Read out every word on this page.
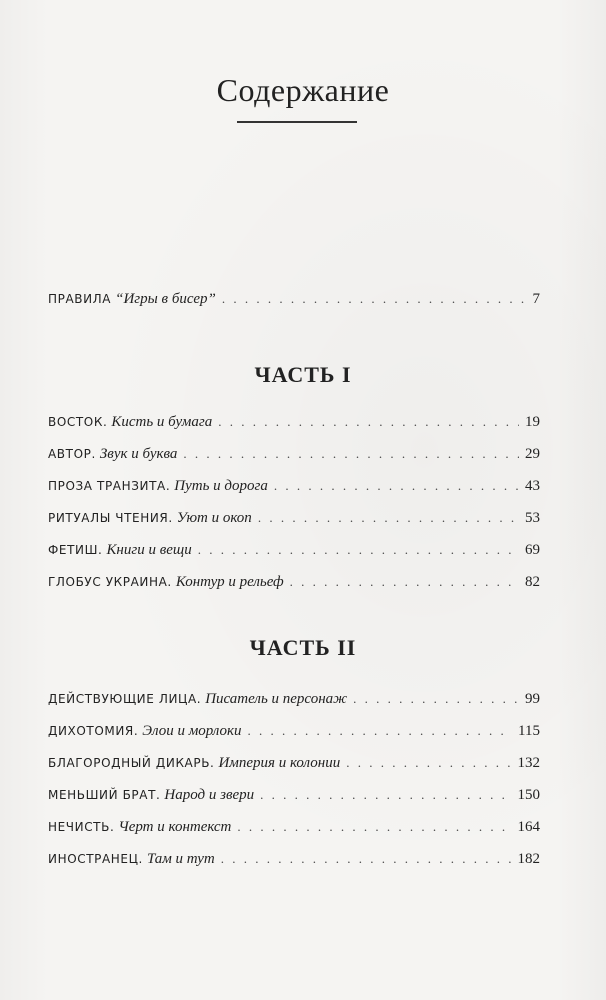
Содержание
ПРАВИЛА “Игры в бисер” . . .	7
ЧАСТЬ I
ВОСТОК. Кисть и бумага . . .	19
АВТОР. Звук и буква . . .	29
ПРОЗА ТРАНЗИТА. Путь и дорога . . .	43
РИТУАЛЫ ЧТЕНИЯ. Уют и окоп . . .	53
ФЕТИШ. Книги и вещи . . .	69
ГЛОБУС УКРАИНА. Контур и рельеф . . .	82
ЧАСТЬ II
ДЕЙСТВУЮЩИЕ ЛИЦА. Писатель и персонаж . . .	99
ДИХОТОМИЯ. Элои и морлоки . . .	115
БЛАГОРОДНЫЙ ДИКАРЬ. Империя и колонии . . .	132
МЕНЬШИЙ БРАТ. Народ и звери . . .	150
НЕЧИСТЬ. Черт и контекст . . .	164
ИНОСТРАНЕЦ. Там и тут . . .	182
